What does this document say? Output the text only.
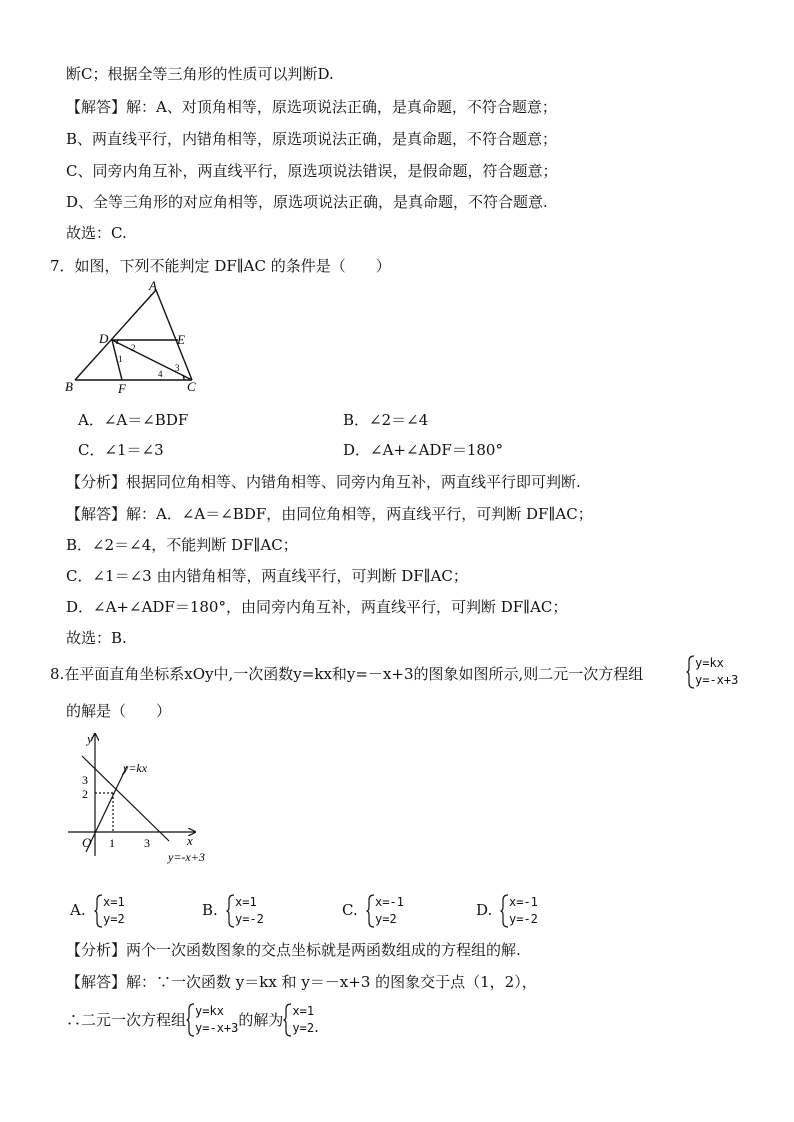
断C；根据全等三角形的性质可以判断D.
【解答】解：A、对顶角相等，原选项说法正确，是真命题，不符合题意；
B、两直线平行，内错角相等，原选项说法正确，是真命题，不符合题意；
C、同旁内角互补，两直线平行，原选项说法错误，是假命题，符合题意；
D、全等三角形的对应角相等，原选项说法正确，是真命题，不符合题意.
故选：C.
7．如图，下列不能判定 DF∥AC 的条件是（　　）
A
D	E
B	F	C
1
2
3
4
A．∠A＝∠BDF	B．∠2＝∠4
C．∠1＝∠3	D．∠A+∠ADF＝180°
【分析】根据同位角相等、内错角相等、同旁内角互补，两直线平行即可判断.
【解答】解：A．∠A＝∠BDF，由同位角相等，两直线平行，可判断 DF∥AC；
B．∠2＝∠4，不能判断 DF∥AC；
C．∠1＝∠3 由内错角相等，两直线平行，可判断 DF∥AC；
D．∠A+∠ADF＝180°，由同旁内角互补，两直线平行，可判断 DF∥AC；
故选：B.
8.在平面直角坐标系xOy中,一次函数y=kx和y=－x+3的图象如图所示,则二元一次方程组
y=kx
y=-x+3
的解是（　　）
y
x
O
3
2
1 3
y=kx
y=-x+3
A. x=1
y=2	B. x=1
y=-2	C. x=-1
y=2	D. x=-1
y=-2
【分析】两个一次函数图象的交点坐标就是两函数组成的方程组的解.
【解答】解：∵一次函数 y＝kx 和 y＝－x+3 的图象交于点（1，2），
∴二元一次方程组 y=kx
y=-x+3 的解为 x=1
y=2 .
